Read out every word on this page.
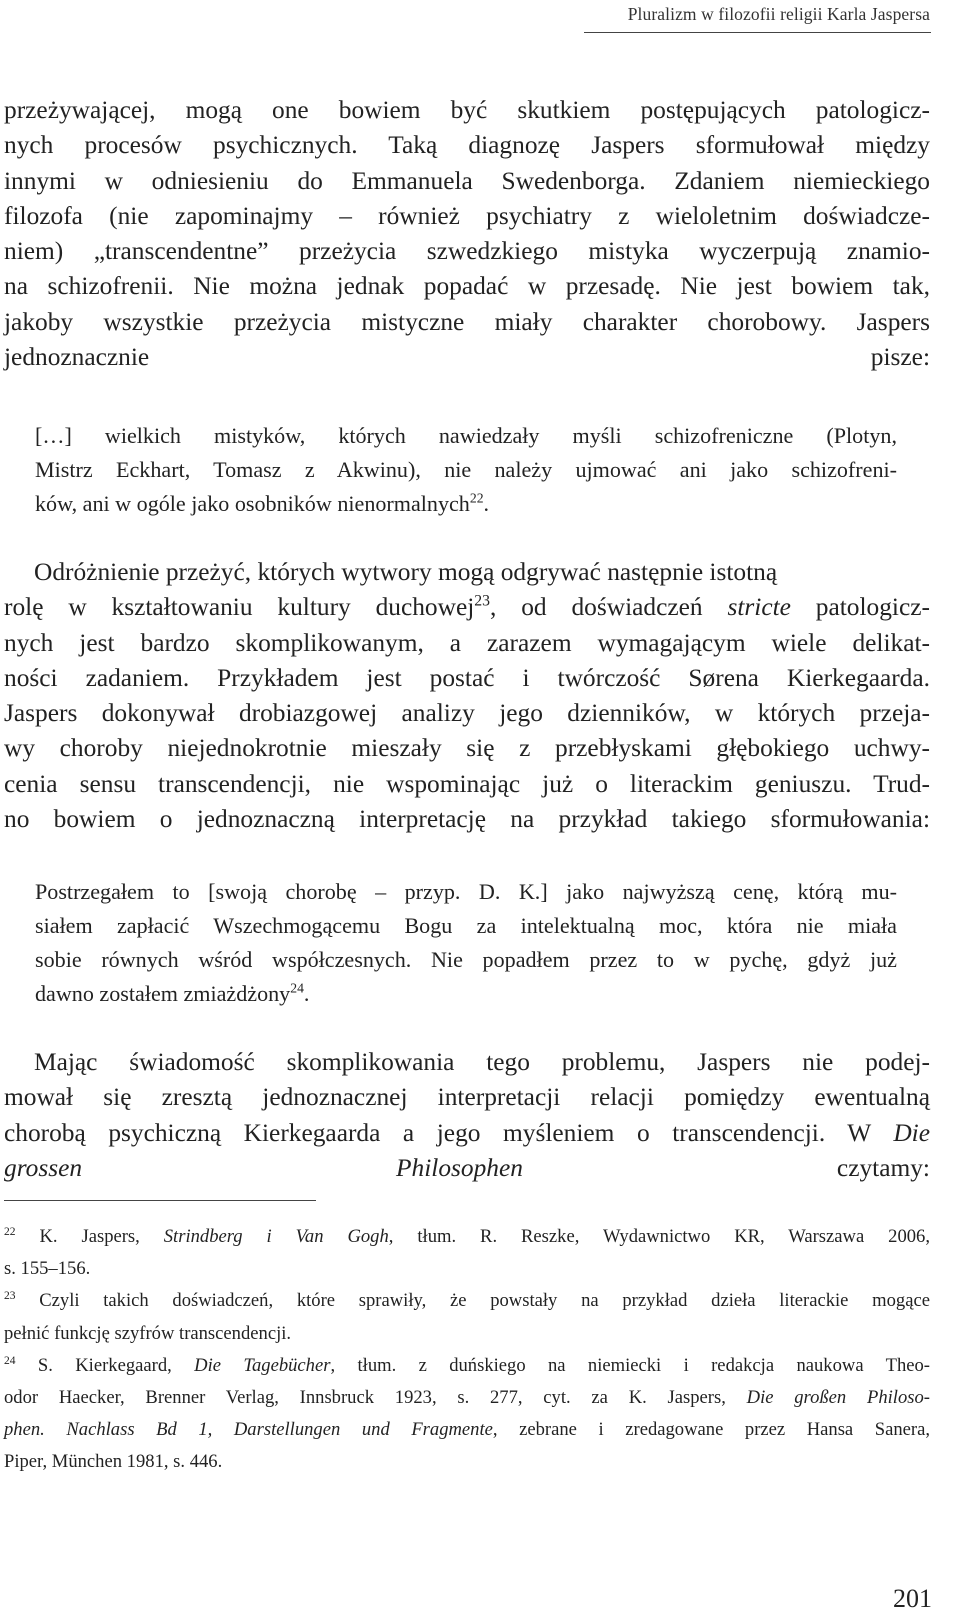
Pluralizm w filozofii religii Karla Jaspersa
przeżywającej, mogą one bowiem być skutkiem postępujących patologicz-
nych procesów psychicznych. Taką diagnozę Jaspers sformułował między
innymi w odniesieniu do Emmanuela Swedenborga. Zdaniem niemieckiego
filozofa (nie zapominajmy – również psychiatry z wieloletnim doświadcze-
niem) „transcendentne” przeżycia szwedzkiego mistyka wyczerpują znamio-
na schizofrenii. Nie można jednak popadać w przesadę. Nie jest bowiem tak,
jakoby wszystkie przeżycia mistyczne miały charakter chorobowy. Jaspers
jednoznacznie pisze:
[…] wielkich mistyków, których nawiedzały myśli schizofreniczne (Plotyn,
Mistrz Eckhart, Tomasz z Akwinu), nie należy ujmować ani jako schizofreni-
ków, ani w ogóle jako osobników nienormalnych$^{22}$.
Odróżnienie przeżyć, których wytwory mogą odgrywać następnie istotną
rolę w kształtowaniu kultury duchowej$^{23}$, od doświadczeń stricte patologicz-
nych jest bardzo skomplikowanym, a zarazem wymagającym wiele delikat-
ności zadaniem. Przykładem jest postać i twórczość Sørena Kierkegaarda.
Jaspers dokonywał drobiazgowej analizy jego dzienników, w których przeja-
wy choroby niejednokrotnie mieszały się z przebłyskami głębokiego uchwy-
cenia sensu transcendencji, nie wspominając już o literackim geniuszu. Trud-
no bowiem o jednoznaczną interpretację na przykład takiego sformułowania:
Postrzegałem to [swoją chorobę – przyp. D. K.] jako najwyższą cenę, którą mu-
siałem zapłacić Wszechmogącemu Bogu za intelektualną moc, która nie miała
sobie równych wśród współczesnych. Nie popadłem przez to w pychę, gdyż już
dawno zostałem zmiażdżony$^{24}$.
Mając świadomość skomplikowania tego problemu, Jaspers nie podej-
mował się zresztą jednoznacznej interpretacji relacji pomiędzy ewentualną
chorobą psychiczną Kierkegaarda a jego myśleniem o transcendencji. W Die
grossen Philosophen czytamy:
$^{22}$ K. Jaspers, Strindberg i Van Gogh, tłum. R. Reszke, Wydawnictwo KR, Warszawa 2006,
s. 155–156.
$^{23}$ Czyli takich doświadczeń, które sprawiły, że powstały na przykład dzieła literackie mogące
pełnić funkcję szyfrów transcendencji.
$^{24}$ S. Kierkegaard, Die Tagebücher, tłum. z duńskiego na niemiecki i redakcja naukowa Theo-
odor Haecker, Brenner Verlag, Innsbruck 1923, s. 277, cyt. za K. Jaspers, Die großen Philoso-
phen. Nachlass Bd 1, Darstellungen und Fragmente, zebrane i zredagowane przez Hansa Sanera,
Piper, München 1981, s. 446.
201
